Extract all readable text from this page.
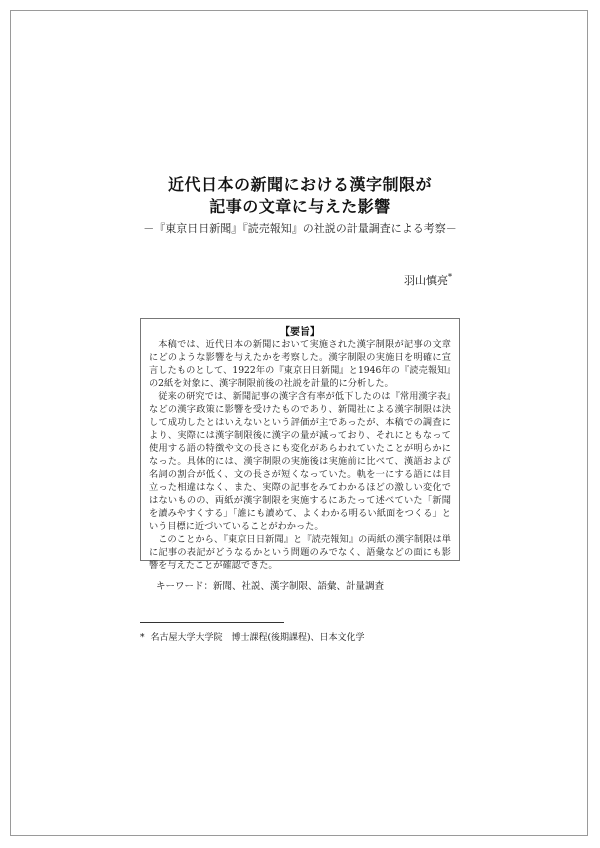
近代日本の新聞における漢字制限が
記事の文章に与えた影響
－『東京日日新聞』『読売報知』の社説の計量調査による考察－
羽山慎亮*
【要旨】

本稿では、近代日本の新聞において実施された漢字制限が記事の文章にどのような影響を与えたかを考察した。漢字制限の実施日を明確に宣言したものとして、1922年の『東京日日新聞』と1946年の『読売報知』の2紙を対象に、漢字制限前後の社説を計量的に分析した。

従来の研究では、新聞記事の漢字含有率が低下したのは『常用漢字表』などの漢字政策に影響を受けたものであり、新聞社による漢字制限は決して成功したとはいえないという評価が主であったが、本稿での調査により、実際には漢字制限後に漢字の量が減っており、それにともなって使用する語の特徴や文の長さにも変化があらわれていたことが明らかになった。具体的には、漢字制限の実施後は実施前に比べて、漢語および名詞の割合が低く、文の長さが短くなっていた。軌を一にする語には目立った相違はなく、また、実際の記事をみてわかるほどの激しい変化ではないものの、両紙が漢字制限を実施するにあたって述べていた「新聞を讀みやすくする」「誰にも讀めて、よくわかる明るい紙面をつくる」という目標に近づいていることがわかった。

このことから、『東京日日新聞』と『読売報知』の両紙の漢字制限は単に記事の表記がどうなるかという問題のみでなく、語彙などの面にも影響を与えたことが確認できた。

キーワード：新聞、社説、漢字制限、語彙、計量調査
* 名古屋大学大学院　博士課程(後期課程)、日本文化学
